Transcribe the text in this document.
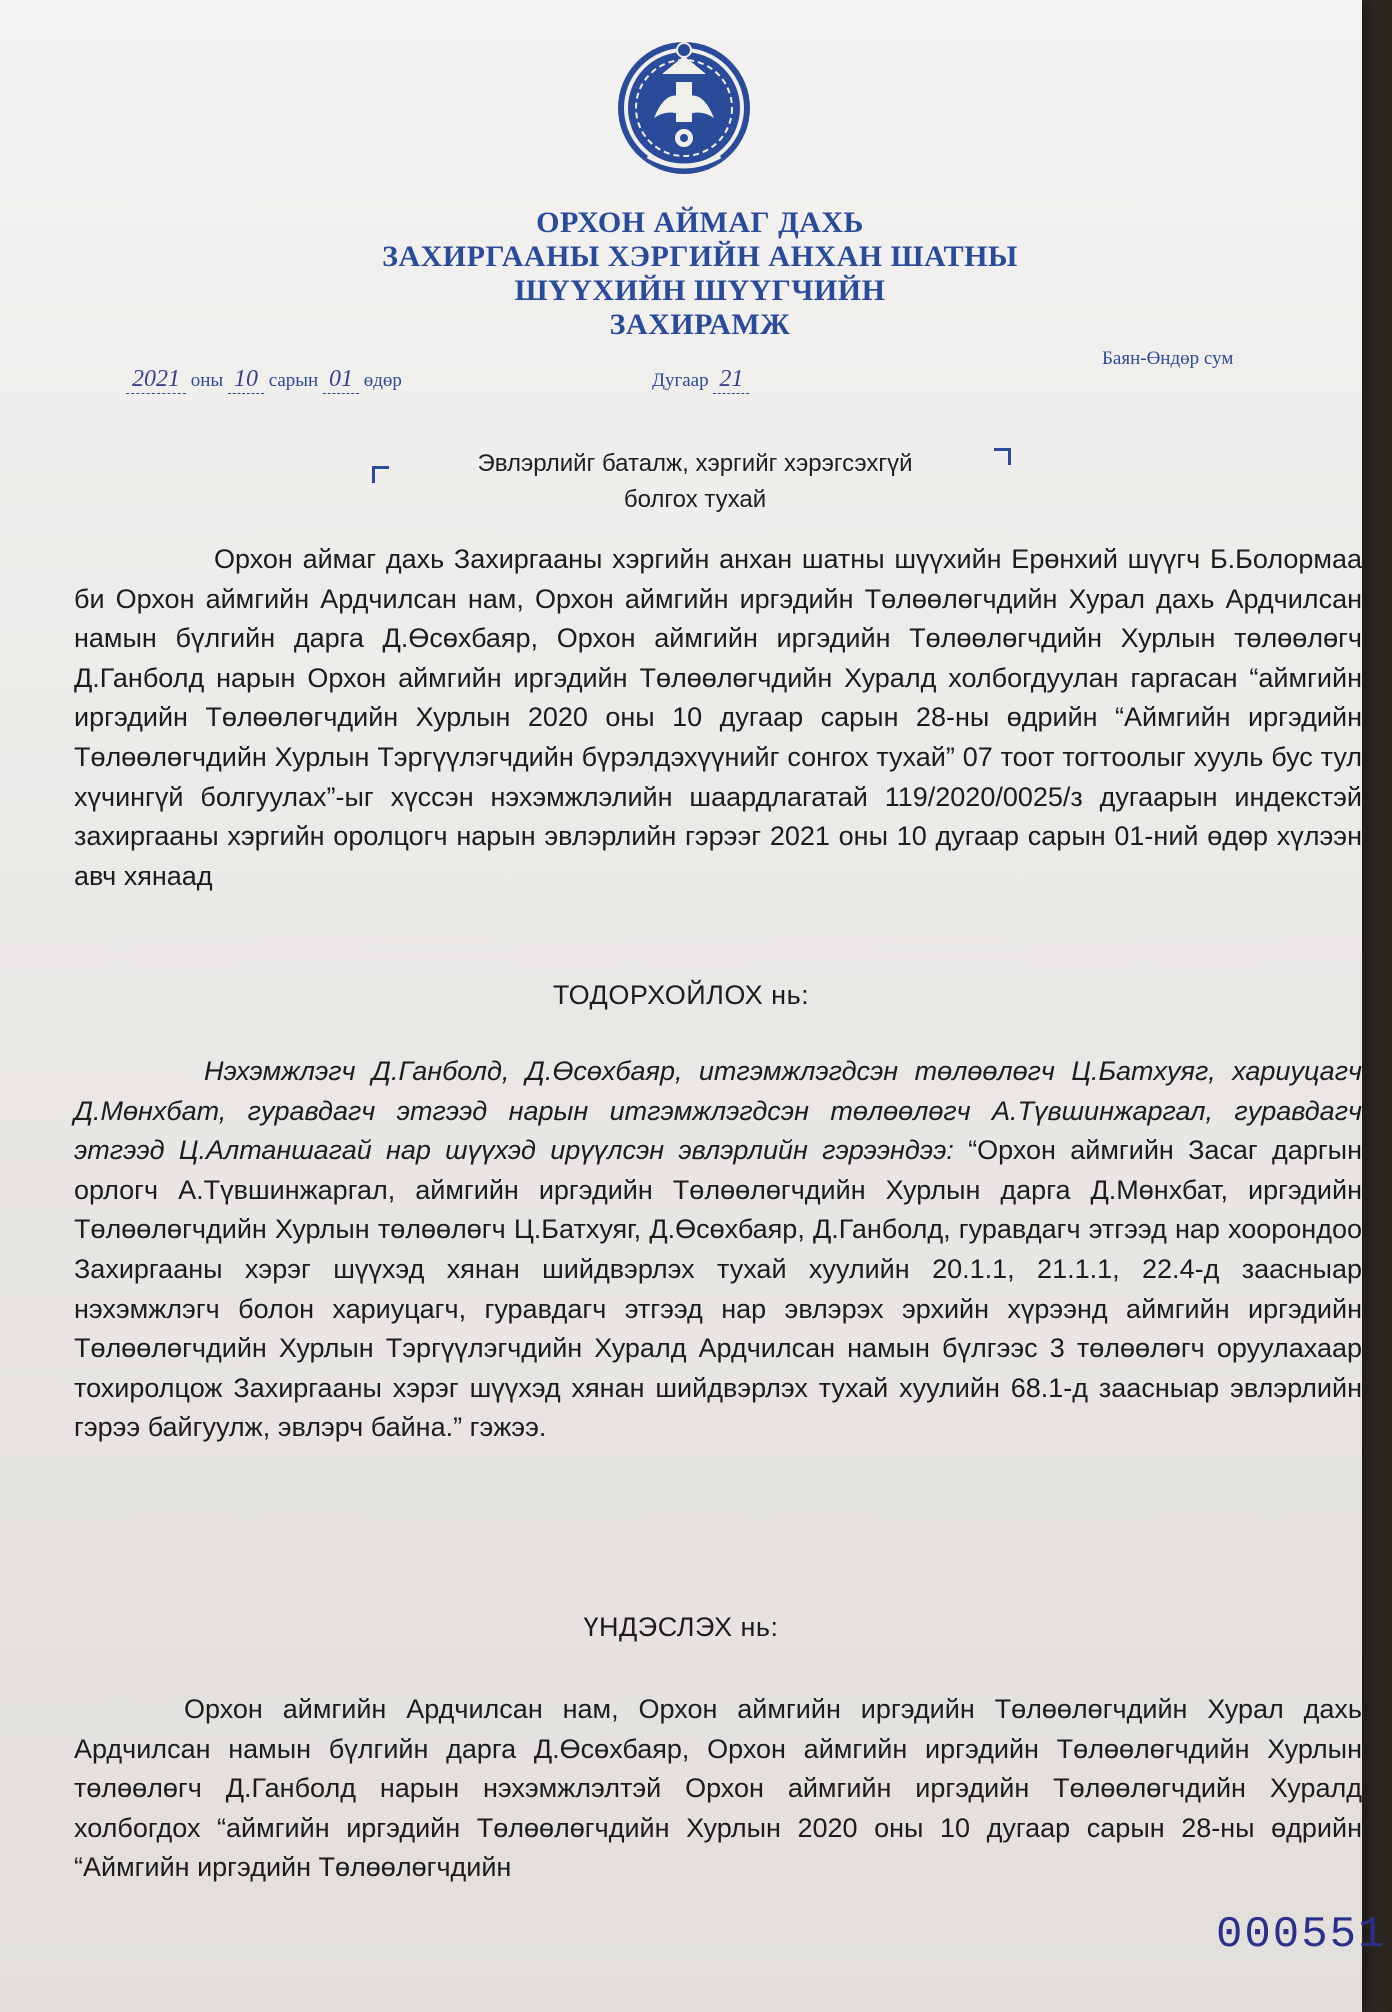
ОРХОН АЙМАГ ДАХЬ
ЗАХИРГААНЫ ХЭРГИЙН АНХАН ШАТНЫ
ШҮҮХИЙН ШҮҮГЧИЙН
ЗАХИРАМЖ
2021 оны 10 сарын 01 өдөр	Дугаар 21
Баян-Өндөр сум
Эвлэрлийг баталж, хэргийг хэрэгсэхгүй
болгох тухай
Орхон аймаг дахь Захиргааны хэргийн анхан шатны шүүхийн Ерөнхий шүүгч Б.Болормаа би Орхон аймгийн Ардчилсан нам, Орхон аймгийн иргэдийн Төлөөлөгчдийн Хурал дахь Ардчилсан намын бүлгийн дарга Д.Өсөхбаяр, Орхон аймгийн иргэдийн Төлөөлөгчдийн Хурлын төлөөлөгч Д.Ганболд нарын Орхон аймгийн иргэдийн Төлөөлөгчдийн Хуралд холбогдуулан гаргасан “аймгийн иргэдийн Төлөөлөгчдийн Хурлын 2020 оны 10 дугаар сарын 28-ны өдрийн “Аймгийн иргэдийн Төлөөлөгчдийн Хурлын Тэргүүлэгчдийн бүрэлдэхүүнийг сонгох тухай” 07 тоот тогтоолыг хууль бус тул хүчингүй болгуулах”-ыг хүссэн нэхэмжлэлийн шаардлагатай 119/2020/0025/з дугаарын индекстэй захиргааны хэргийн оролцогч нарын эвлэрлийн гэрээг 2021 оны 10 дугаар сарын 01-ний өдөр хүлээн авч хянаад
ТОДОРХОЙЛОХ нь:
Нэхэмжлэгч Д.Ганболд, Д.Өсөхбаяр, итгэмжлэгдсэн төлөөлөгч Ц.Батхуяг, хариуцагч Д.Мөнхбат, гуравдагч этгээд нарын итгэмжлэгдсэн төлөөлөгч А.Түвшинжаргал, гуравдагч этгээд Ц.Алтаншагай нар шүүхэд ирүүлсэн эвлэрлийн гэрээндээ: “Орхон аймгийн Засаг даргын орлогч А.Түвшинжаргал, аймгийн иргэдийн Төлөөлөгчдийн Хурлын дарга Д.Мөнхбат, иргэдийн Төлөөлөгчдийн Хурлын төлөөлөгч Ц.Батхуяг, Д.Өсөхбаяр, Д.Ганболд, гуравдагч этгээд нар хоорондоо Захиргааны хэрэг шүүхэд хянан шийдвэрлэх тухай хуулийн 20.1.1, 21.1.1, 22.4-д заасныар нэхэмжлэгч болон хариуцагч, гуравдагч этгээд нар эвлэрэх эрхийн хүрээнд аймгийн иргэдийн Төлөөлөгчдийн Хурлын Тэргүүлэгчдийн Хуралд Ардчилсан намын бүлгээс 3 төлөөлөгч оруулахаар тохиролцож Захиргааны хэрэг шүүхэд хянан шийдвэрлэх тухай хуулийн 68.1-д заасныар эвлэрлийн гэрээ байгуулж, эвлэрч байна.” гэжээ.
ҮНДЭСЛЭХ нь:
Орхон аймгийн Ардчилсан нам, Орхон аймгийн иргэдийн Төлөөлөгчдийн Хурал дахь Ардчилсан намын бүлгийн дарга Д.Өсөхбаяр, Орхон аймгийн иргэдийн Төлөөлөгчдийн Хурлын төлөөлөгч Д.Ганболд нарын нэхэмжлэлтэй Орхон аймгийн иргэдийн Төлөөлөгчдийн Хуралд холбогдох “аймгийн иргэдийн Төлөөлөгчдийн Хурлын 2020 оны 10 дугаар сарын 28-ны өдрийн “Аймгийн иргэдийн Төлөөлөгчдийн
000551
